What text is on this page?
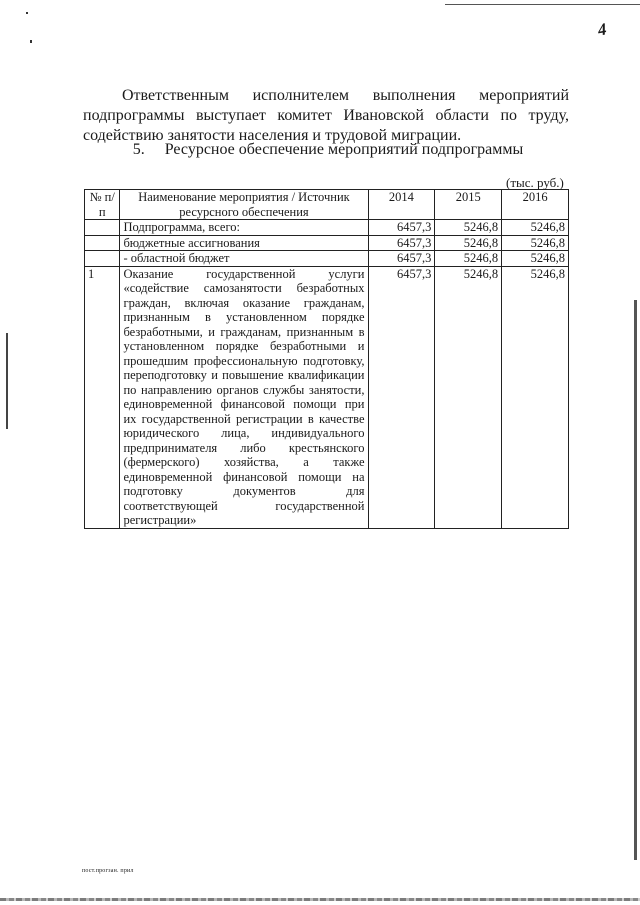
4

Ответственным исполнителем выполнения мероприятий подпрограммы выступает комитет Ивановской области по труду, содействию занятости населения и трудовой миграции.

5. Ресурсное обеспечение мероприятий подпрограммы
(тыс. руб.)
№ п/п	Наименование мероприятия / Источник ресурсного обеспечения	2014	2015	2016
	Подпрограмма, всего:	6457,3	5246,8	5246,8
	бюджетные ассигнования	6457,3	5246,8	5246,8
	- областной бюджет	6457,3	5246,8	5246,8
1	Оказание государственной услуги «содействие самозанятости безработных граждан, включая оказание гражданам, признанным в установленном порядке безработными, и гражданам, признанным в установленном порядке безработными и прошедшим профессиональную подготовку, переподготовку и повышение квалификации по направлению органов службы занятости, единовременной финансовой помощи при их государственной регистрации в качестве юридического лица, индивидуального предпринимателя либо крестьянского (фермерского) хозяйства, а также единовременной финансовой помощи на подготовку документов для соответствующей государственной регистрации»	6457,3	5246,8	5246,8
пост.прогзан. прил
